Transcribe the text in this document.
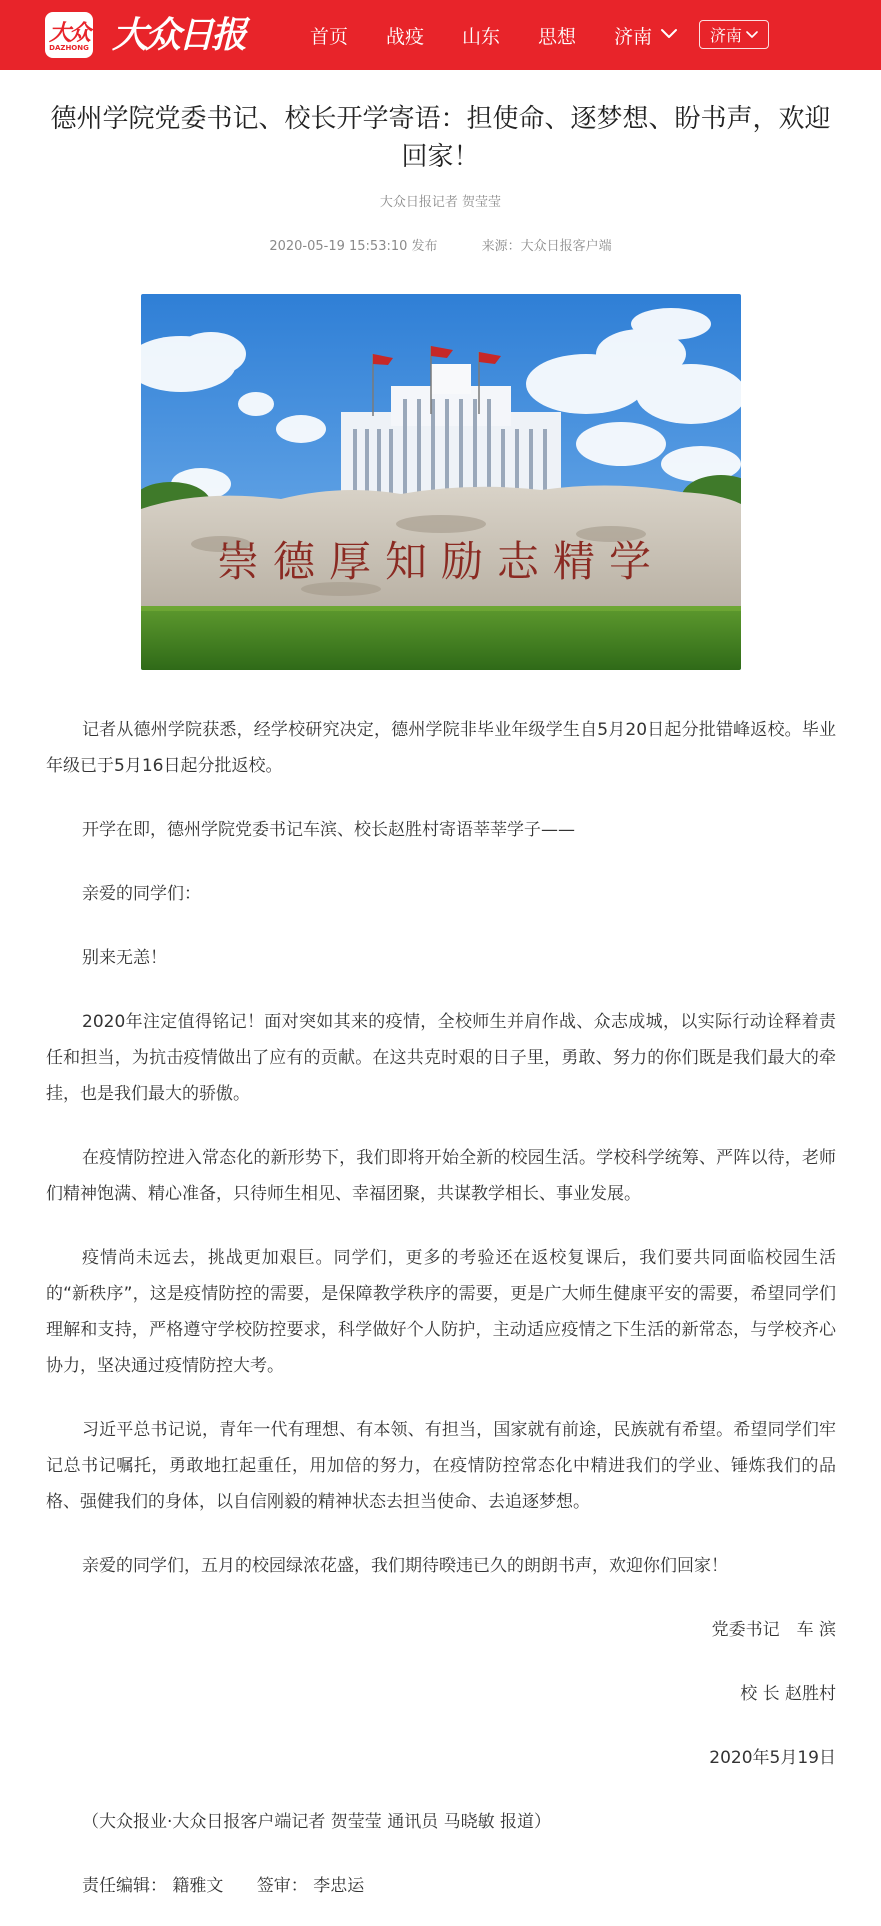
大众
DAZHONG 大众日报	首页 战疫 山东 思想 济南	济南
德州学院党委书记、校长开学寄语：担使命、逐梦想、盼书声，欢迎回家！
大众日报记者 贺莹莹
2020-05-19 15:53:10 发布	来源：大众日报客户端
崇德厚知励志精学

记者从德州学院获悉，经学校研究决定，德州学院非毕业年级学生自5月20日起分批错峰返校。毕业年级已于5月16日起分批返校。

开学在即，德州学院党委书记车滨、校长赵胜村寄语莘莘学子——

亲爱的同学们：

别来无恙！

2020年注定值得铭记！面对突如其来的疫情，全校师生并肩作战、众志成城，以实际行动诠释着责任和担当，为抗击疫情做出了应有的贡献。在这共克时艰的日子里，勇敢、努力的你们既是我们最大的牵挂，也是我们最大的骄傲。

在疫情防控进入常态化的新形势下，我们即将开始全新的校园生活。学校科学统筹、严阵以待，老师们精神饱满、精心准备，只待师生相见、幸福团聚，共谋教学相长、事业发展。

疫情尚未远去，挑战更加艰巨。同学们，更多的考验还在返校复课后，我们要共同面临校园生活的“新秩序”，这是疫情防控的需要，是保障教学秩序的需要，更是广大师生健康平安的需要，希望同学们理解和支持，严格遵守学校防控要求，科学做好个人防护，主动适应疫情之下生活的新常态，与学校齐心协力，坚决通过疫情防控大考。

习近平总书记说，青年一代有理想、有本领、有担当，国家就有前途，民族就有希望。希望同学们牢记总书记嘱托，勇敢地扛起重任，用加倍的努力，在疫情防控常态化中精进我们的学业、锤炼我们的品格、强健我们的身体，以自信刚毅的精神状态去担当使命、去追逐梦想。

亲爱的同学们，五月的校园绿浓花盛，我们期待暌违已久的朗朗书声，欢迎你们回家！

党委书记　车 滨

校 长 赵胜村

2020年5月19日

（大众报业·大众日报客户端记者 贺莹莹 通讯员 马晓敏 报道）

责任编辑： 籍雅文 签审： 李忠运
